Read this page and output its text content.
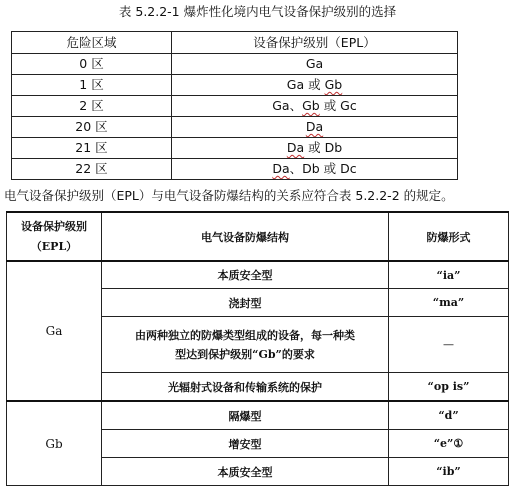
表 5.2.2-1 爆炸性化境内电气设备保护级别的选择
危险区域	设备保护级别（EPL）
0 区	Ga
1 区	Ga 或 Gb
2 区	Ga、Gb 或 Gc
20 区	Da
21 区	Da 或 Db
22 区	Da、Db 或 Dc
电气设备保护级别（EPL）与电气设备防爆结构的关系应符合表 5.2.2-2 的规定。
设备保护级别
（EPL）	电气设备防爆结构	防爆形式
Ga	本质安全型	“ia”
	浇封型	“ma”
	由两种独立的防爆类型组成的设备，每一种类型达到保护级别“Gb”的要求	—
	光辐射式设备和传输系统的保护	“op is”
Gb	隔爆型	“d”
	增安型	“e”①
	本质安全型	“ib”
